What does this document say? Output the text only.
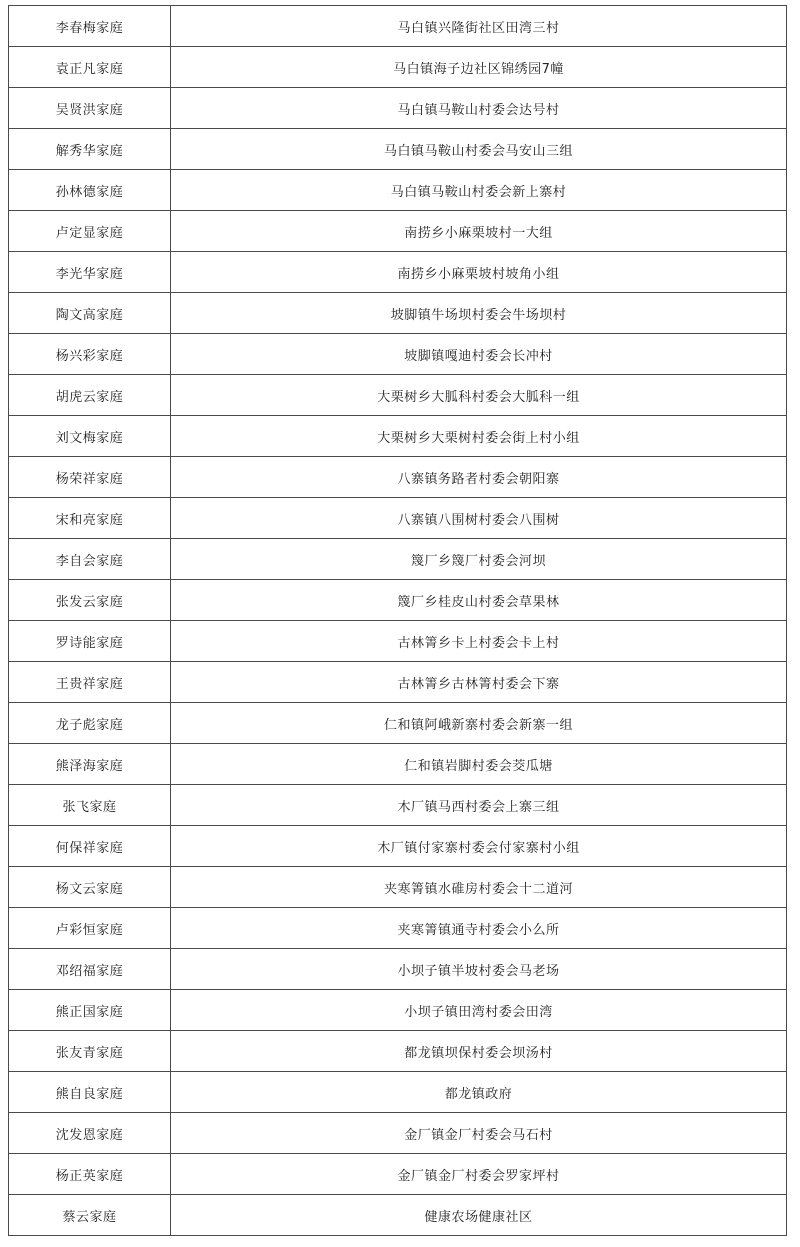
李春梅家庭	马白镇兴隆街社区田湾三村
袁正凡家庭	马白镇海子边社区锦绣园7幢
吴贤洪家庭	马白镇马鞍山村委会达号村
解秀华家庭	马白镇马鞍山村委会马安山三组
孙林德家庭	马白镇马鞍山村委会新上寨村
卢定显家庭	南捞乡小麻栗坡村一大组
李光华家庭	南捞乡小麻栗坡村坡角小组
陶文高家庭	坡脚镇牛场坝村委会牛场坝村
杨兴彩家庭	坡脚镇嘎迪村委会长冲村
胡虎云家庭	大栗树乡大胍科村委会大胍科一组
刘文梅家庭	大栗树乡大栗树村委会街上村小组
杨荣祥家庭	八寨镇务路者村委会朝阳寨
宋和亮家庭	八寨镇八围树村委会八围树
李自会家庭	篾厂乡篾厂村委会河坝
张发云家庭	篾厂乡桂皮山村委会草果林
罗诗能家庭	古林箐乡卡上村委会卡上村
王贵祥家庭	古林箐乡古林箐村委会下寨
龙子彪家庭	仁和镇阿峨新寨村委会新寨一组
熊泽海家庭	仁和镇岩脚村委会茭瓜塘
张飞家庭	木厂镇马西村委会上寨三组
何保祥家庭	木厂镇付家寨村委会付家寨村小组
杨文云家庭	夹寒箐镇水碓房村委会十二道河
卢彩恒家庭	夹寒箐镇通寺村委会小么所
邓绍福家庭	小坝子镇半坡村委会马老场
熊正国家庭	小坝子镇田湾村委会田湾
张友青家庭	都龙镇坝保村委会坝汤村
熊自良家庭	都龙镇政府
沈发恩家庭	金厂镇金厂村委会马石村
杨正英家庭	金厂镇金厂村委会罗家坪村
蔡云家庭	健康农场健康社区
